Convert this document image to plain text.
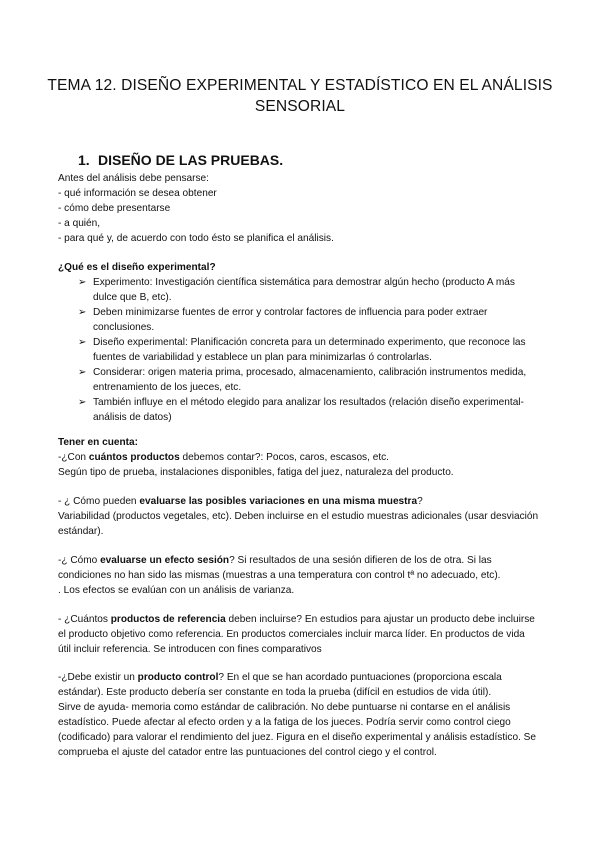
TEMA 12. DISEÑO EXPERIMENTAL Y ESTADÍSTICO EN EL ANÁLISIS
SENSORIAL
1. DISEÑO DE LAS PRUEBAS.
Antes del análisis debe pensarse:
- qué información se desea obtener
- cómo debe presentarse
- a quién,
- para qué y, de acuerdo con todo ésto se planifica el análisis.
¿Qué es el diseño experimental?
➢ Experimento: Investigación científica sistemática para demostrar algún hecho (producto A más
dulce que B, etc).
➢ Deben minimizarse fuentes de error y controlar factores de influencia para poder extraer
conclusiones.
➢ Diseño experimental: Planificación concreta para un determinado experimento, que reconoce las
fuentes de variabilidad y establece un plan para minimizarlas ó controlarlas.
➢ Considerar: origen materia prima, procesado, almacenamiento, calibración instrumentos medida,
entrenamiento de los jueces, etc.
➢ También influye en el método elegido para analizar los resultados (relación diseño experimental-
análisis de datos)
Tener en cuenta:
-¿Con cuántos productos debemos contar?: Pocos, caros, escasos, etc.
Según tipo de prueba, instalaciones disponibles, fatiga del juez, naturaleza del producto.
- ¿ Cómo pueden evaluarse las posibles variaciones en una misma muestra?
Variabilidad (productos vegetales, etc). Deben incluirse en el estudio muestras adicionales (usar desviación
estándar).
-¿ Cómo evaluarse un efecto sesión? Si resultados de una sesión difieren de los de otra. Si las
condiciones no han sido las mismas (muestras a una temperatura con control tª no adecuado, etc).
. Los efectos se evalúan con un análisis de varianza.
- ¿Cuántos productos de referencia deben incluirse? En estudios para ajustar un producto debe incluirse
el producto objetivo como referencia. En productos comerciales incluir marca líder. En productos de vida
útil incluir referencia. Se introducen con fines comparativos
-¿Debe existir un producto control? En el que se han acordado puntuaciones (proporciona escala
estándar). Este producto debería ser constante en toda la prueba (difícil en estudios de vida útil).
Sirve de ayuda- memoria como estándar de calibración. No debe puntuarse ni contarse en el análisis
estadístico. Puede afectar al efecto orden y a la fatiga de los jueces. Podría servir como control ciego
(codificado) para valorar el rendimiento del juez. Figura en el diseño experimental y análisis estadístico. Se
comprueba el ajuste del catador entre las puntuaciones del control ciego y el control.
